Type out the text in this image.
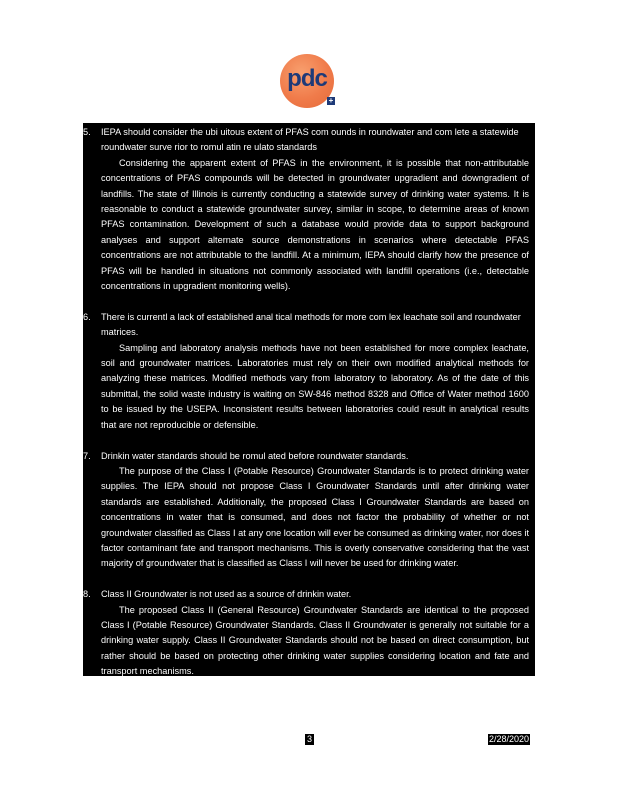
pdc
+
5.	IEPA should consider the ubi uitous extent of PFAS com ounds in roundwater and com lete a statewide roundwater surve rior to romul atin re ulato standards
Considering the apparent extent of PFAS in the environment, it is possible that non-attributable concentrations of PFAS compounds will be detected in groundwater upgradient and downgradient of landfills. The state of Illinois is currently conducting a statewide survey of drinking water systems. It is reasonable to conduct a statewide groundwater survey, similar in scope, to determine areas of known PFAS contamination. Development of such a database would provide data to support background analyses and support alternate source demonstrations in scenarios where detectable PFAS concentrations are not attributable to the landfill. At a minimum, IEPA should clarify how the presence of PFAS will be handled in situations not commonly associated with landfill operations (i.e., detectable concentrations in upgradient monitoring wells).
6.	There is currentl a lack of established anal tical methods for more com lex leachate soil and roundwater matrices.
Sampling and laboratory analysis methods have not been established for more complex leachate, soil and groundwater matrices. Laboratories must rely on their own modified analytical methods for analyzing these matrices. Modified methods vary from laboratory to laboratory. As of the date of this submittal, the solid waste industry is waiting on SW-846 method 8328 and Office of Water method 1600 to be issued by the USEPA. Inconsistent results between laboratories could result in analytical results that are not reproducible or defensible.
7.	Drinkin water standards should be romul ated before roundwater standards.
The purpose of the Class I (Potable Resource) Groundwater Standards is to protect drinking water supplies. The IEPA should not propose Class I Groundwater Standards until after drinking water standards are established. Additionally, the proposed Class I Groundwater Standards are based on concentrations in water that is consumed, and does not factor the probability of whether or not groundwater classified as Class I at any one location will ever be consumed as drinking water, nor does it factor contaminant fate and transport mechanisms. This is overly conservative considering that the vast majority of groundwater that is classified as Class I will never be used for drinking water.
8.	Class II Groundwater is not used as a source of drinkin water.
The proposed Class II (General Resource) Groundwater Standards are identical to the proposed Class I (Potable Resource) Groundwater Standards. Class II Groundwater is generally not suitable for a drinking water supply. Class II Groundwater Standards should not be based on direct consumption, but rather should be based on protecting other drinking water supplies considering location and fate and transport mechanisms.
3	2/28/2020
